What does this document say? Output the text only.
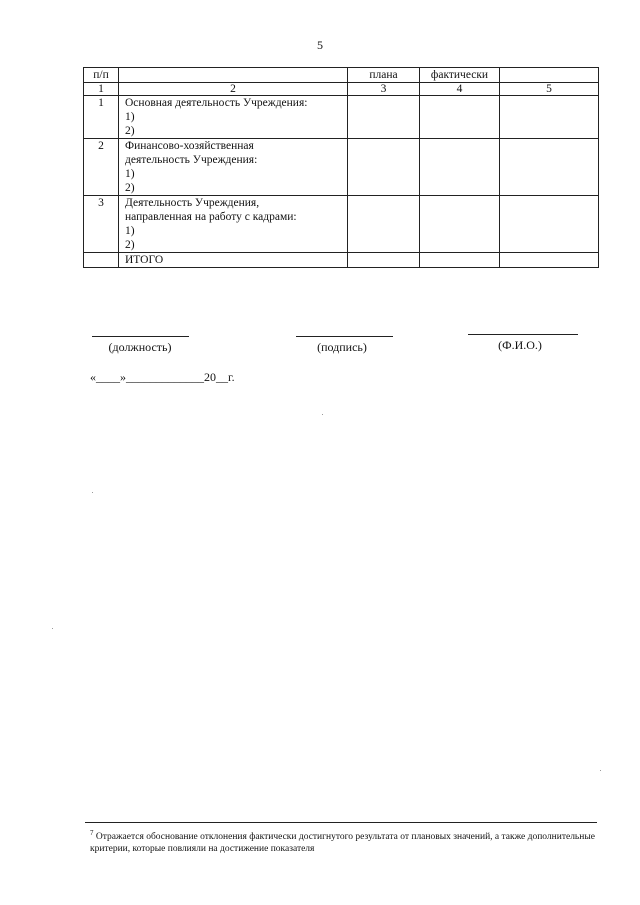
5
п/п		плана	фактически	
1	2	3	4	5
1	Основная деятельность Учреждения:
1)
2)			

2	Финансово-хозяйственная
деятельность Учреждения:
1)
2)			

3	Деятельность Учреждения,
направленная на работу с кадрами:
1)
2)			

	ИТОГО			
(должность)	(подпись)	(Ф.И.О.)
«____»_____________20__г.
$^7$ Отражается обоснование отклонения фактически достигнутого результата от плановых значений, а также дополнительные критерии, которые повлияли на достижение показателя
